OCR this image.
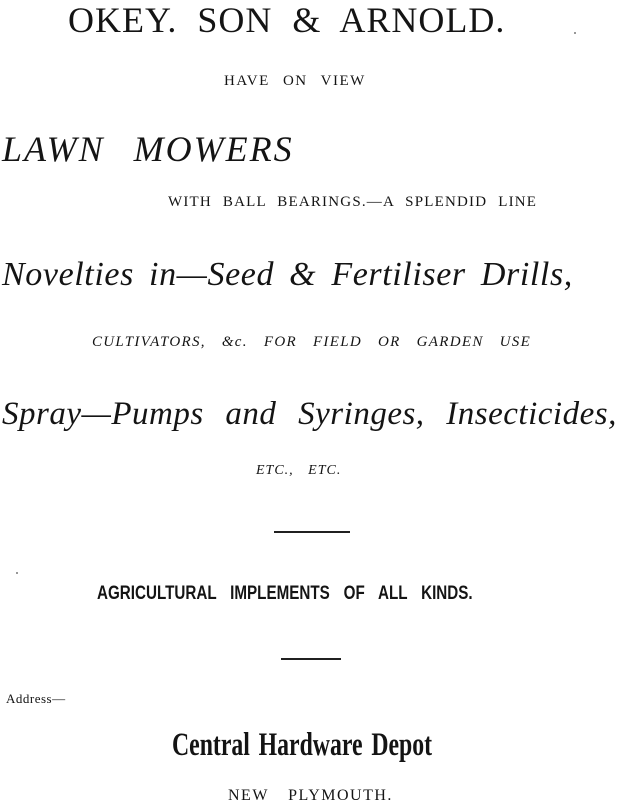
OKEY. SON & ARNOLD.
HAVE ON VIEW
LAWN MOWERS
WITH BALL BEARINGS.—A SPLENDID LINE
Novelties in—Seed & Fertiliser Drills,
CULTIVATORS, &c. FOR FIELD OR GARDEN USE
Spray—Pumps and Syringes, Insecticides,
ETC., ETC.
AGRICULTURAL IMPLEMENTS OF ALL KINDS.
Address—
Central Hardware Depot
NEW PLYMOUTH.
